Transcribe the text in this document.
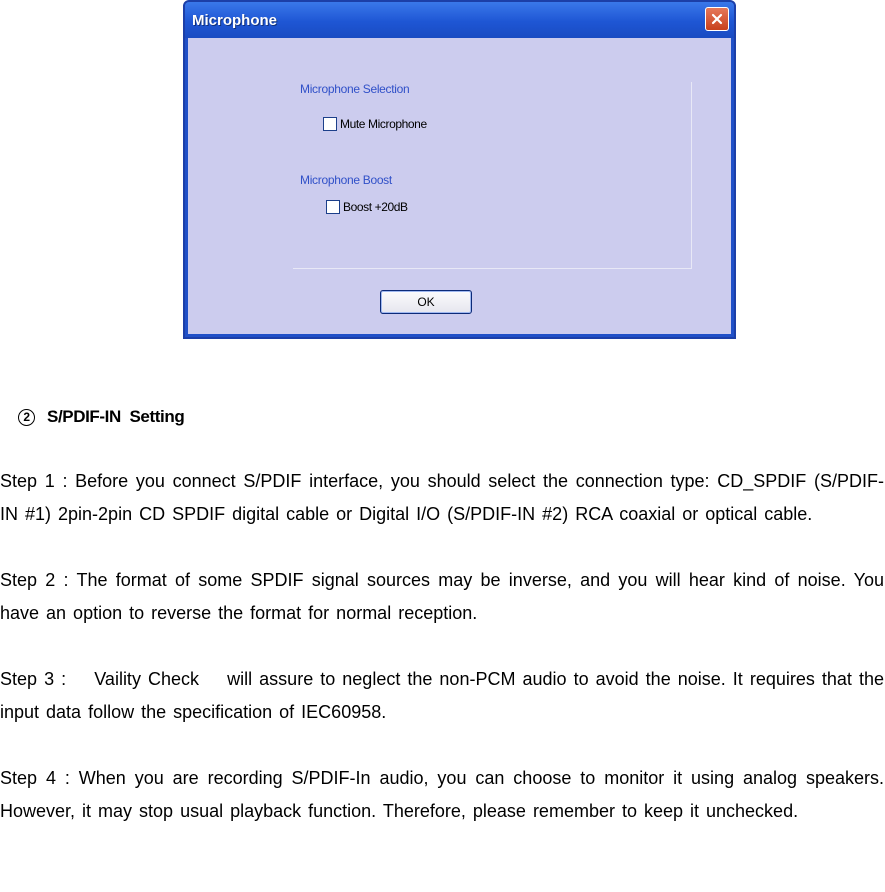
Microphone
Microphone Selection
Mute Microphone
Microphone Boost
Boost +20dB
OK
2	S/PDIF-IN  Setting

Step 1 : Before you connect S/PDIF interface, you should select the connection type: CD_SPDIF (S/PDIF-IN #1) 2pin-2pin CD SPDIF digital cable or Digital I/O (S/PDIF-IN #2) RCA coaxial or optical cable.

Step 2 : The format of some SPDIF signal sources may be inverse, and you will hear kind of noise. You have an option to reverse the format for normal reception.

Step 3 :    Vaility Check    will assure to neglect the non-PCM audio to avoid the noise. It requires that the input data follow the specification of IEC60958.

Step 4 : When you are recording S/PDIF-In audio, you can choose to monitor it using analog speakers. However, it may stop usual playback function. Therefore, please remember to keep it unchecked.
